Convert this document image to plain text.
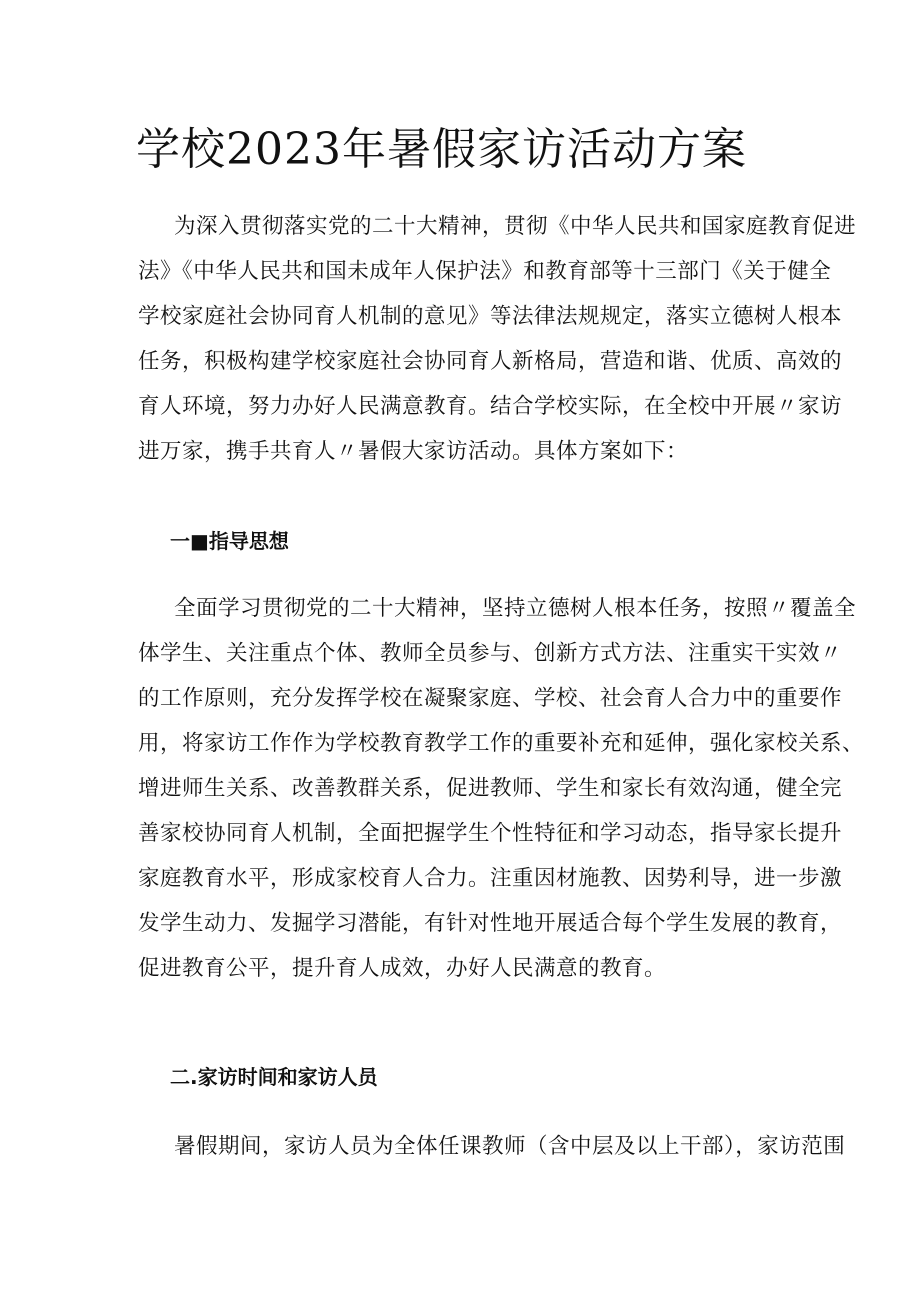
学校2023年暑假家访活动方案

为深入贯彻落实党的二十大精神，贯彻《中华人民共和国家庭教育促进
法》《中华人民共和国未成年人保护法》和教育部等十三部门《关于健全
学校家庭社会协同育人机制的意见》等法律法规规定，落实立德树人根本
任务，积极构建学校家庭社会协同育人新格局，营造和谐、优质、高效的
育人环境，努力办好人民满意教育。结合学校实际，在全校中开展〃家访
进万家，携手共育人〃暑假大家访活动。具体方案如下：

一■指导思想

全面学习贯彻党的二十大精神，坚持立德树人根本任务，按照〃覆盖全
体学生、关注重点个体、教师全员参与、创新方式方法、注重实干实效〃
的工作原则，充分发挥学校在凝聚家庭、学校、社会育人合力中的重要作
用，将家访工作作为学校教育教学工作的重要补充和延伸，强化家校关系、
增进师生关系、改善教群关系，促进教师、学生和家长有效沟通，健全完
善家校协同育人机制，全面把握学生个性特征和学习动态，指导家长提升
家庭教育水平，形成家校育人合力。注重因材施教、因势利导，进一步激
发学生动力、发掘学习潜能，有针对性地开展适合每个学生发展的教育，
促进教育公平，提升育人成效，办好人民满意的教育。

二.家访时间和家访人员

暑假期间，家访人员为全体任课教师（含中层及以上干部），家访范围
